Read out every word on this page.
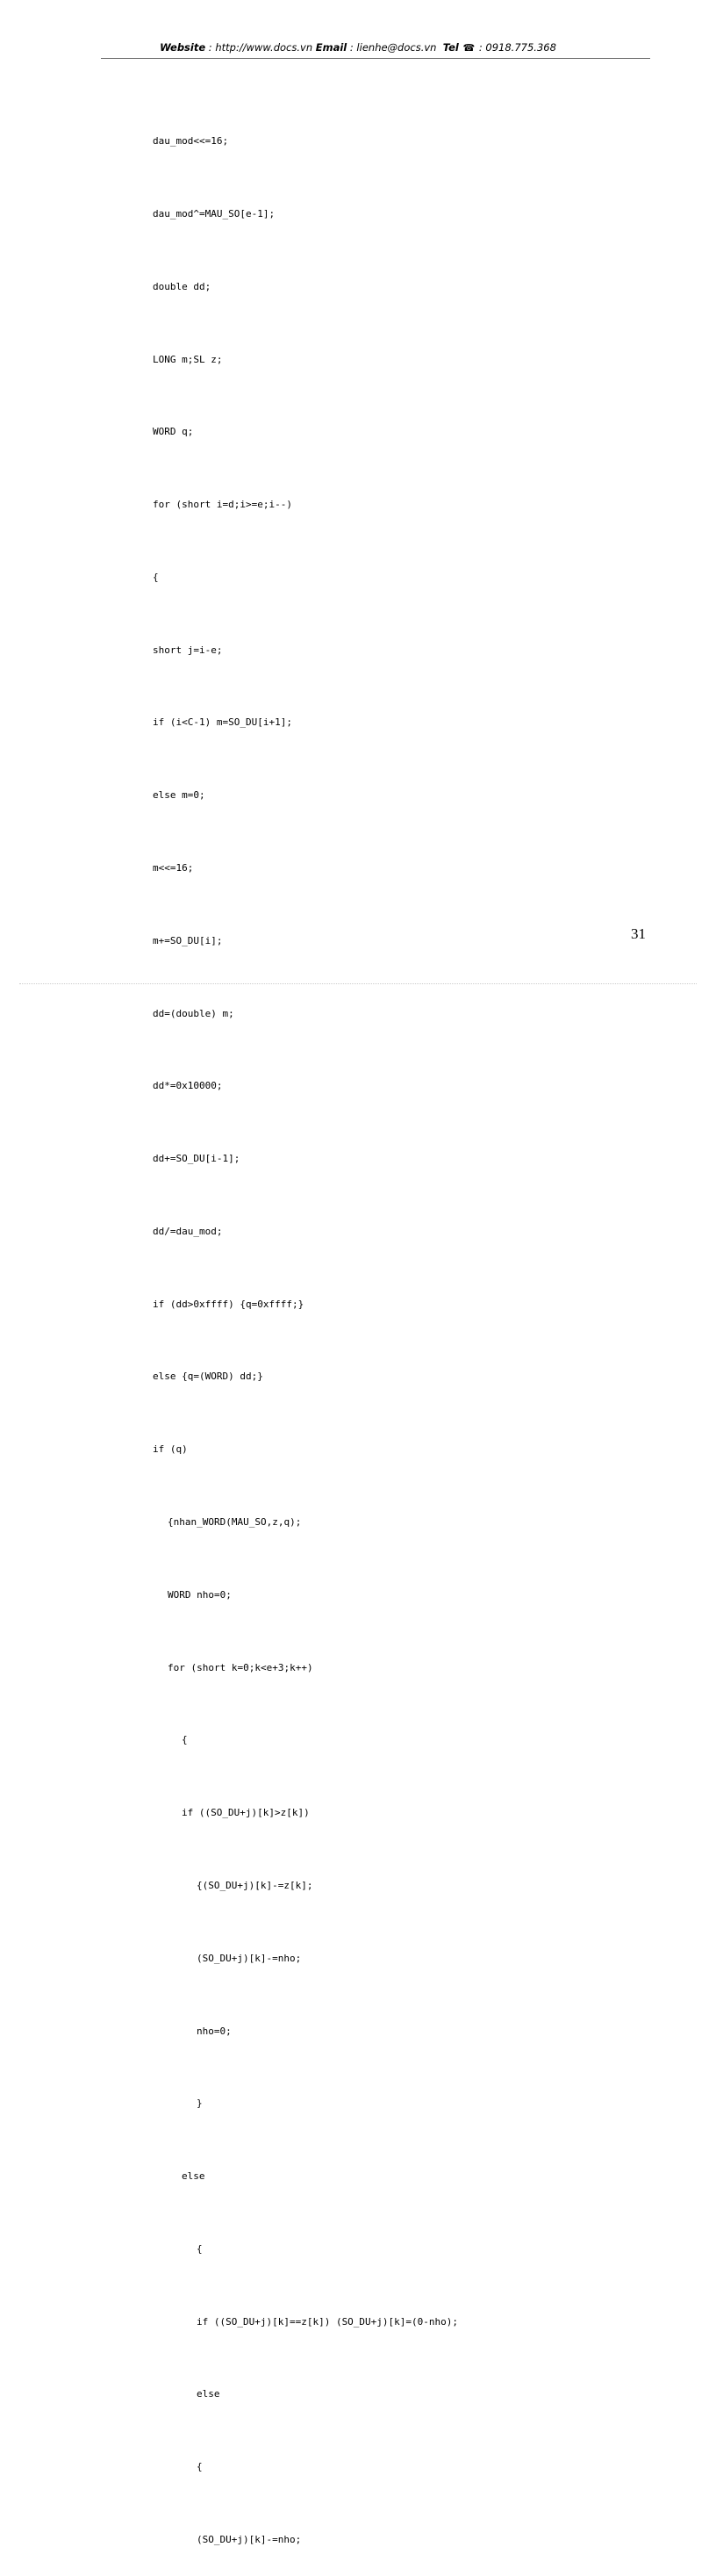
Website : http://www.docs.vn Email : lienhe@docs.vn  Tel ☎ : 0918.775.368

dau_mod<<=16;

dau_mod^=MAU_SO[e-1];

double dd;

LONG m;SL z;

WORD q;

for (short i=d;i>=e;i--)

{

short j=i-e;

if (i<C-1) m=SO_DU[i+1];

else m=0;

m<<=16;

m+=SO_DU[i];

dd=(double) m;

dd*=0x10000;

dd+=SO_DU[i-1];

dd/=dau_mod;

if (dd>0xffff) {q=0xffff;}

else {q=(WORD) dd;}

if (q)

{nhan_WORD(MAU_SO,z,q);

WORD nho=0;

for (short k=0;k<e+3;k++)

{

if ((SO_DU+j)[k]>z[k])

{(SO_DU+j)[k]-=z[k];

(SO_DU+j)[k]-=nho;

nho=0;

}

else

{

if ((SO_DU+j)[k]==z[k]) (SO_DU+j)[k]=(0-nho);

else

{

(SO_DU+j)[k]-=nho;

31
